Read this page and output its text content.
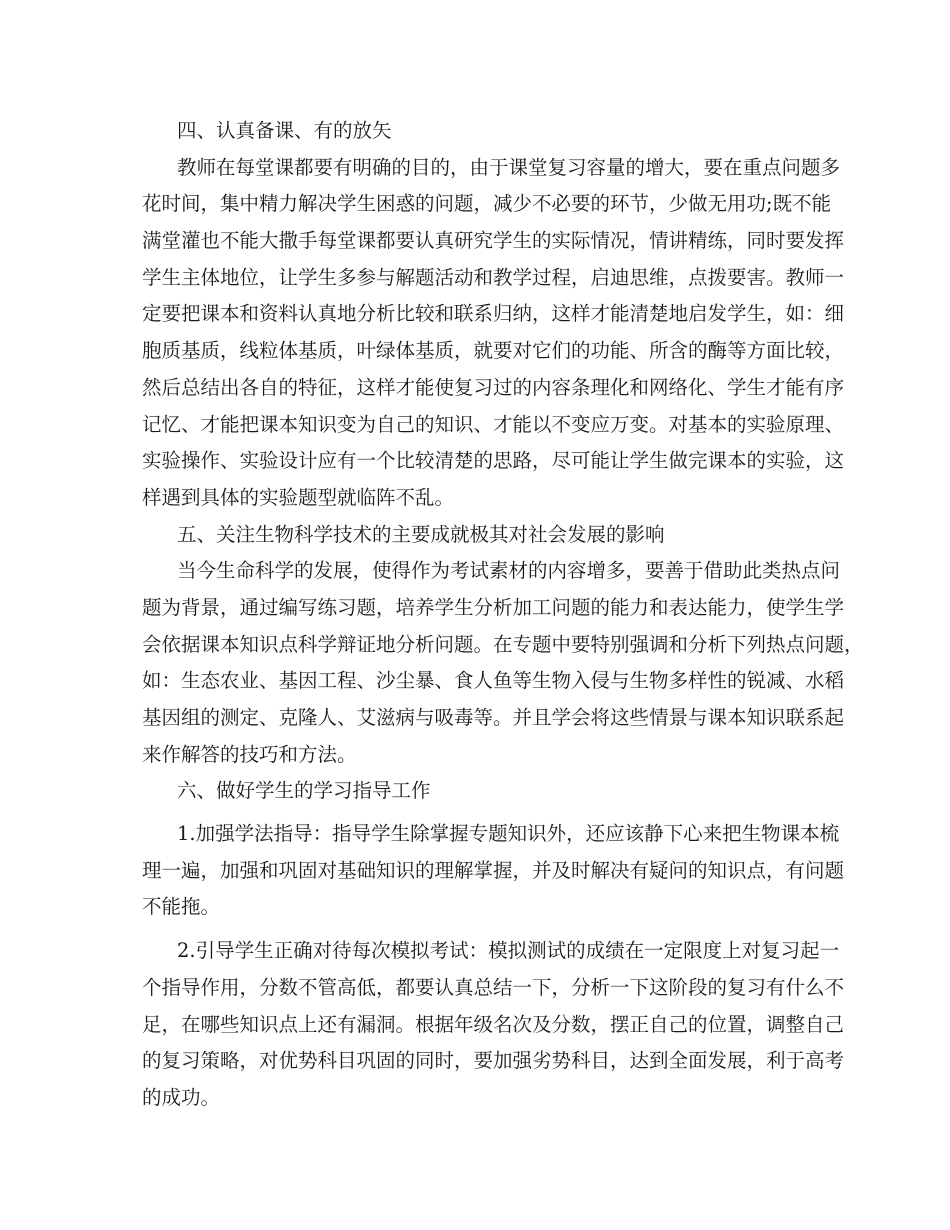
四、认真备课、有的放矢
教师在每堂课都要有明确的目的，由于课堂复习容量的增大，要在重点问题多
花时间，集中精力解决学生困惑的问题，减少不必要的环节，少做无用功;既不能
满堂灌也不能大撒手每堂课都要认真研究学生的实际情况，情讲精练，同时要发挥
学生主体地位，让学生多参与解题活动和教学过程，启迪思维，点拨要害。教师一
定要把课本和资料认真地分析比较和联系归纳，这样才能清楚地启发学生，如：细
胞质基质，线粒体基质，叶绿体基质，就要对它们的功能、所含的酶等方面比较，
然后总结出各自的特征，这样才能使复习过的内容条理化和网络化、学生才能有序
记忆、才能把课本知识变为自己的知识、才能以不变应万变。对基本的实验原理、
实验操作、实验设计应有一个比较清楚的思路，尽可能让学生做完课本的实验，这
样遇到具体的实验题型就临阵不乱。
五、关注生物科学技术的主要成就极其对社会发展的影响
当今生命科学的发展，使得作为考试素材的内容增多，要善于借助此类热点问
题为背景，通过编写练习题，培养学生分析加工问题的能力和表达能力，使学生学
会依据课本知识点科学辩证地分析问题。在专题中要特别强调和分析下列热点问题，
如：生态农业、基因工程、沙尘暴、食人鱼等生物入侵与生物多样性的锐减、水稻
基因组的测定、克隆人、艾滋病与吸毒等。并且学会将这些情景与课本知识联系起
来作解答的技巧和方法。
六、做好学生的学习指导工作
1.加强学法指导：指导学生除掌握专题知识外，还应该静下心来把生物课本梳
理一遍，加强和巩固对基础知识的理解掌握，并及时解决有疑问的知识点，有问题
不能拖。
2.引导学生正确对待每次模拟考试：模拟测试的成绩在一定限度上对复习起一
个指导作用，分数不管高低，都要认真总结一下，分析一下这阶段的复习有什么不
足，在哪些知识点上还有漏洞。根据年级名次及分数，摆正自己的位置，调整自己
的复习策略，对优势科目巩固的同时，要加强劣势科目，达到全面发展，利于高考
的成功。
